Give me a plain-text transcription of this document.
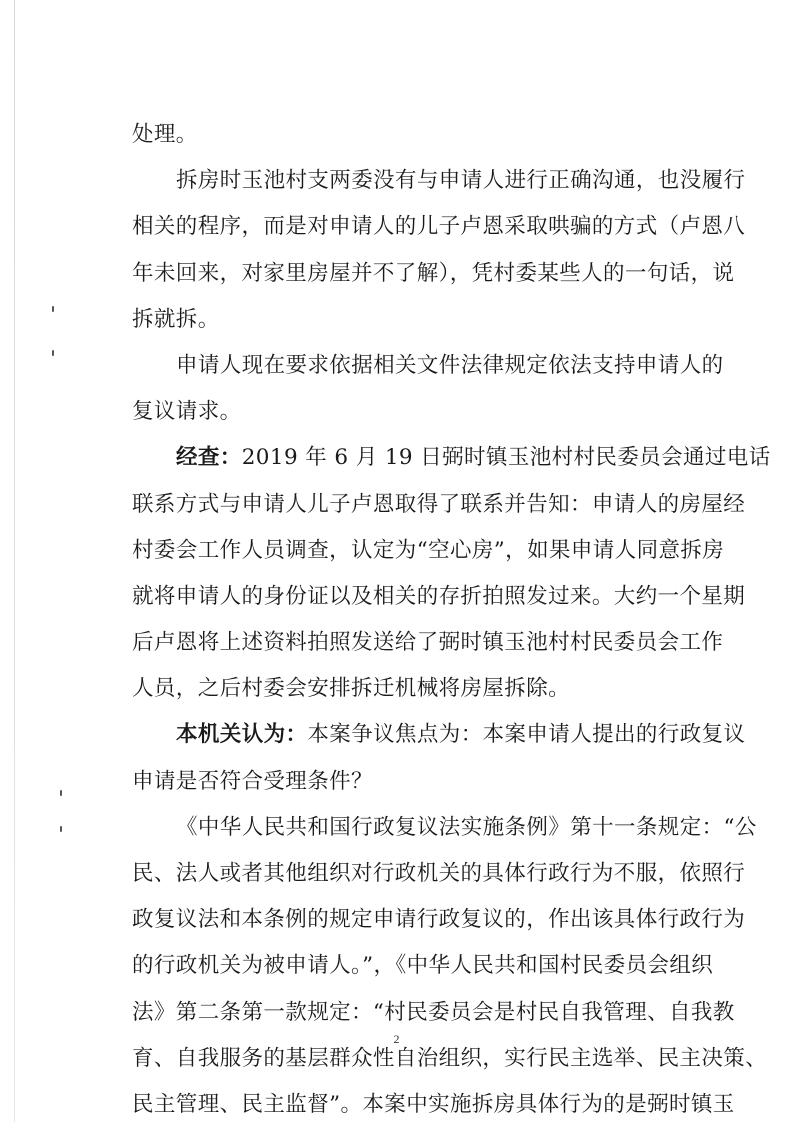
处理。
拆房时玉池村支两委没有与申请人进行正确沟通，也没履行
相关的程序，而是对申请人的儿子卢恩采取哄骗的方式（卢恩八
年未回来，对家里房屋并不了解），凭村委某些人的一句话，说
拆就拆。
申请人现在要求依据相关文件法律规定依法支持申请人的
复议请求。
经查：2019 年 6 月 19 日弼时镇玉池村村民委员会通过电话
联系方式与申请人儿子卢恩取得了联系并告知：申请人的房屋经
村委会工作人员调查，认定为“空心房”，如果申请人同意拆房
就将申请人的身份证以及相关的存折拍照发过来。大约一个星期
后卢恩将上述资料拍照发送给了弼时镇玉池村村民委员会工作
人员，之后村委会安排拆迁机械将房屋拆除。
本机关认为：本案争议焦点为：本案申请人提出的行政复议
申请是否符合受理条件？
《中华人民共和国行政复议法实施条例》第十一条规定：“公
民、法人或者其他组织对行政机关的具体行政行为不服，依照行
政复议法和本条例的规定申请行政复议的，作出该具体行政行为
的行政机关为被申请人。”，《中华人民共和国村民委员会组织
法》第二条第一款规定：“村民委员会是村民自我管理、自我教
育、自我服务的基层群众性自治组织，实行民主选举、民主决策、
民主管理、民主监督”。本案中实施拆房具体行为的是弼时镇玉
2
